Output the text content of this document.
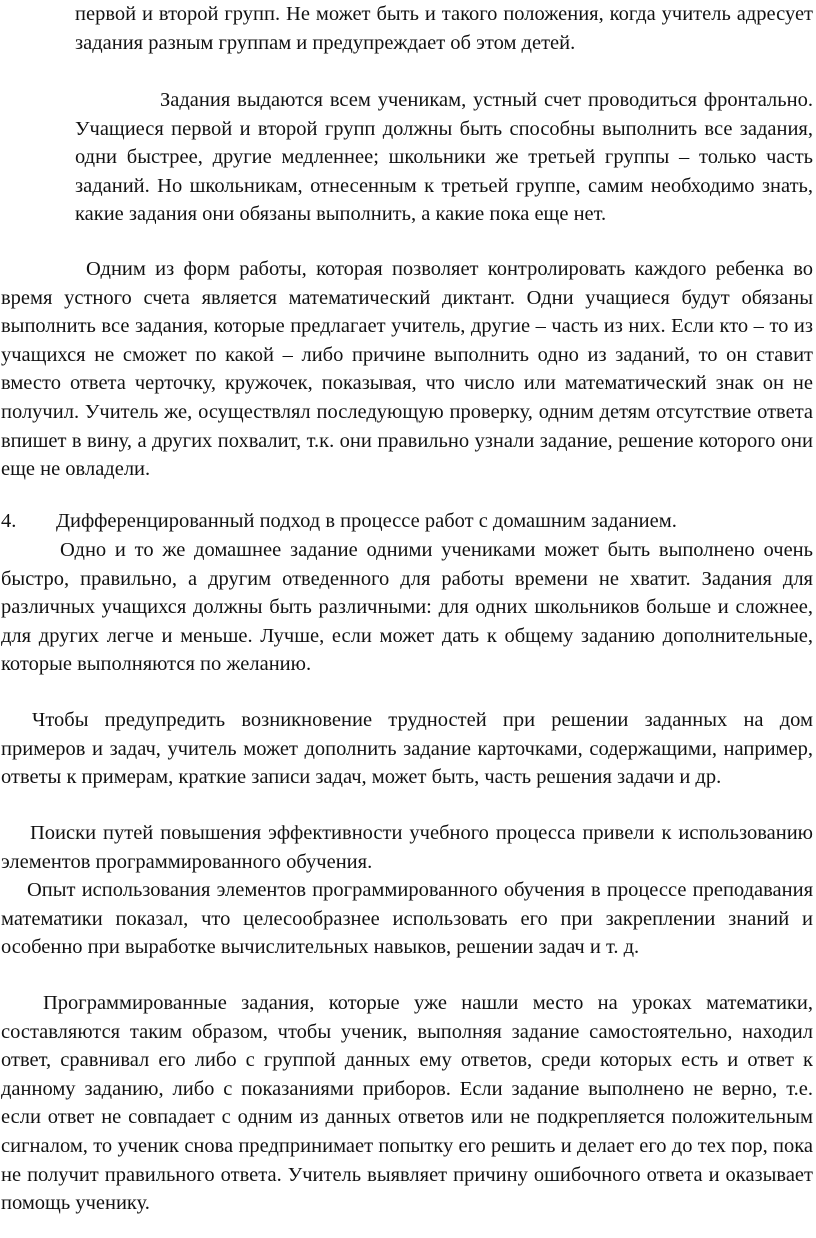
первой и второй групп. Не может быть и такого положения, когда учитель адресует задания разным группам и предупреждает об этом детей.

Задания выдаются всем ученикам, устный счет проводиться фронтально. Учащиеся первой и второй групп должны быть способны выполнить все задания, одни быстрее, другие медленнее; школьники же третьей группы – только часть заданий. Но школьникам, отнесенным к третьей группе, самим необходимо знать, какие задания они обязаны выполнить, а какие пока еще нет.

Одним из форм работы, которая позволяет контролировать каждого ребенка во время устного счета является математический диктант. Одни учащиеся будут обязаны выполнить все задания, которые предлагает учитель, другие – часть из них. Если кто – то из учащихся не сможет по какой – либо причине выполнить одно из заданий, то он ставит вместо ответа черточку, кружочек, показывая, что число или математический знак он не получил. Учитель же, осуществлял последующую проверку, одним детям отсутствие ответа впишет в вину, а других похвалит, т.к. они правильно узнали задание, решение которого они еще не овладели.

4. Дифференцированный подход в процессе работ с домашним заданием.

Одно и то же домашнее задание одними учениками может быть выполнено очень быстро, правильно, а другим отведенного для работы времени не хватит. Задания для различных учащихся должны быть различными: для одних школьников больше и сложнее, для других легче и меньше. Лучше, если может дать к общему заданию дополнительные, которые выполняются по желанию.

Чтобы предупредить возникновение трудностей при решении заданных на дом примеров и задач, учитель может дополнить задание карточками, содержащими, например, ответы к примерам, краткие записи задач, может быть, часть решения задачи и др.

Поиски путей повышения эффективности учебного процесса привели к использованию элементов программированного обучения.

Опыт использования элементов программированного обучения в процессе преподавания математики показал, что целесообразнее использовать его при закреплении знаний и особенно при выработке вычислительных навыков, решении задач и т. д.

Программированные задания, которые уже нашли место на уроках математики, составляются таким образом, чтобы ученик, выполняя задание самостоятельно, находил ответ, сравнивал его либо с группой данных ему ответов, среди которых есть и ответ к данному заданию, либо с показаниями приборов. Если задание выполнено не верно, т.е. если ответ не совпадает с одним из данных ответов или не подкрепляется положительным сигналом, то ученик снова предпринимает попытку его решить и делает его до тех пор, пока не получит правильного ответа. Учитель выявляет причину ошибочного ответа и оказывает помощь ученику.
